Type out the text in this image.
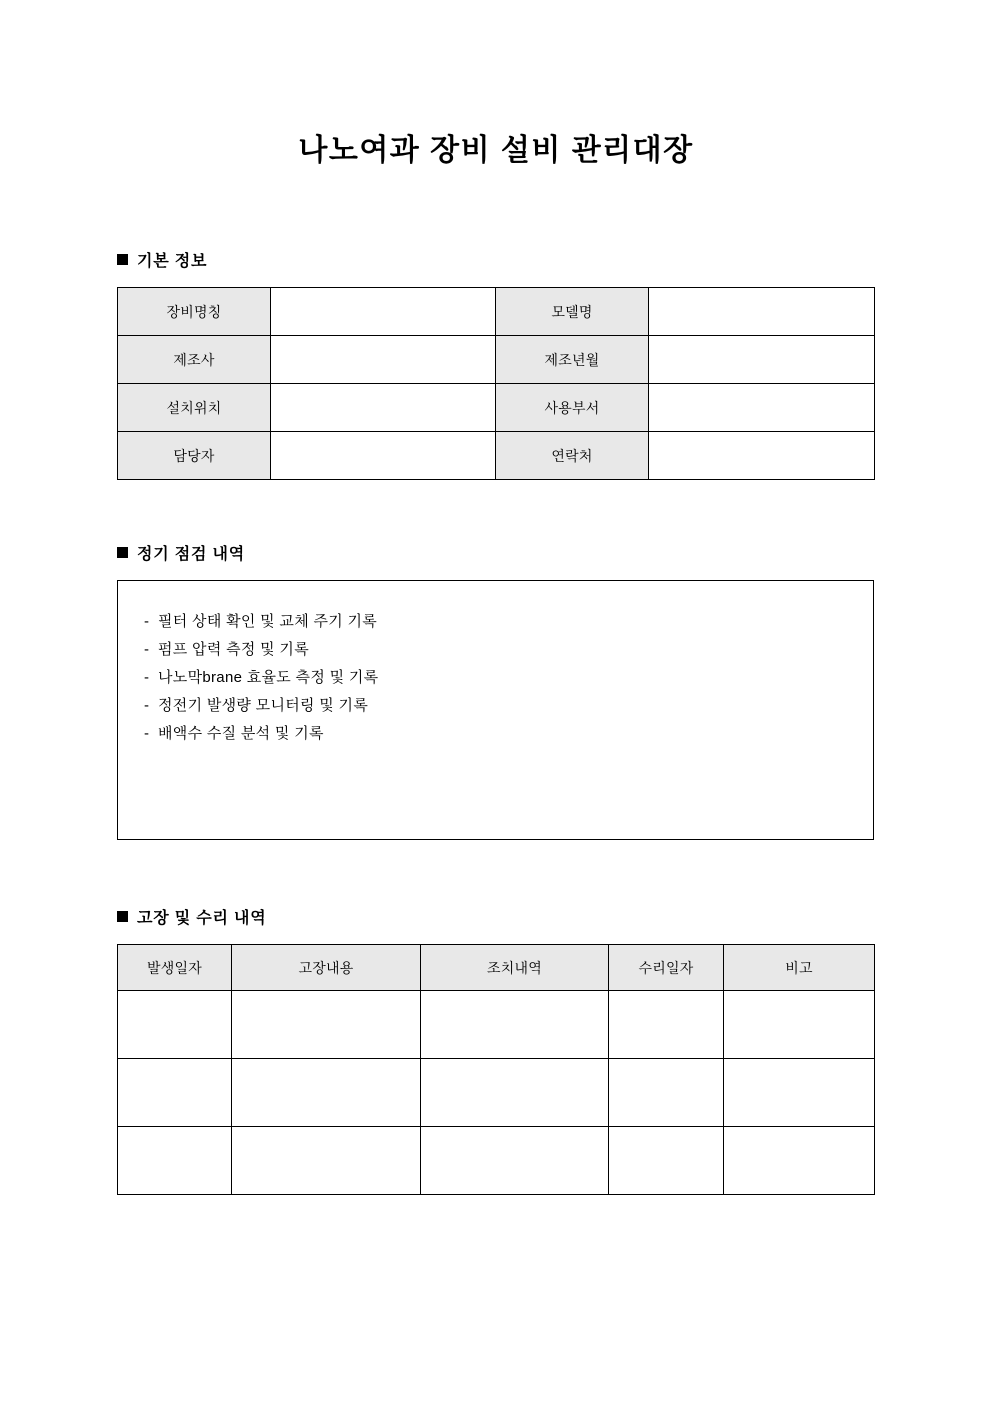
나노여과 장비 설비 관리대장
기본 정보
장비명칭		모델명	
제조사		제조년월	
설치위치		사용부서	
담당자		연락처	
정기 점검 내역
- 필터 상태 확인 및 교체 주기 기록
- 펌프 압력 측정 및 기록
- 나노막brane 효율도 측정 및 기록
- 정전기 발생량 모니터링 및 기록
- 배액수 수질 분석 및 기록
고장 및 수리 내역
발생일자	고장내용	조치내역	수리일자	비고
